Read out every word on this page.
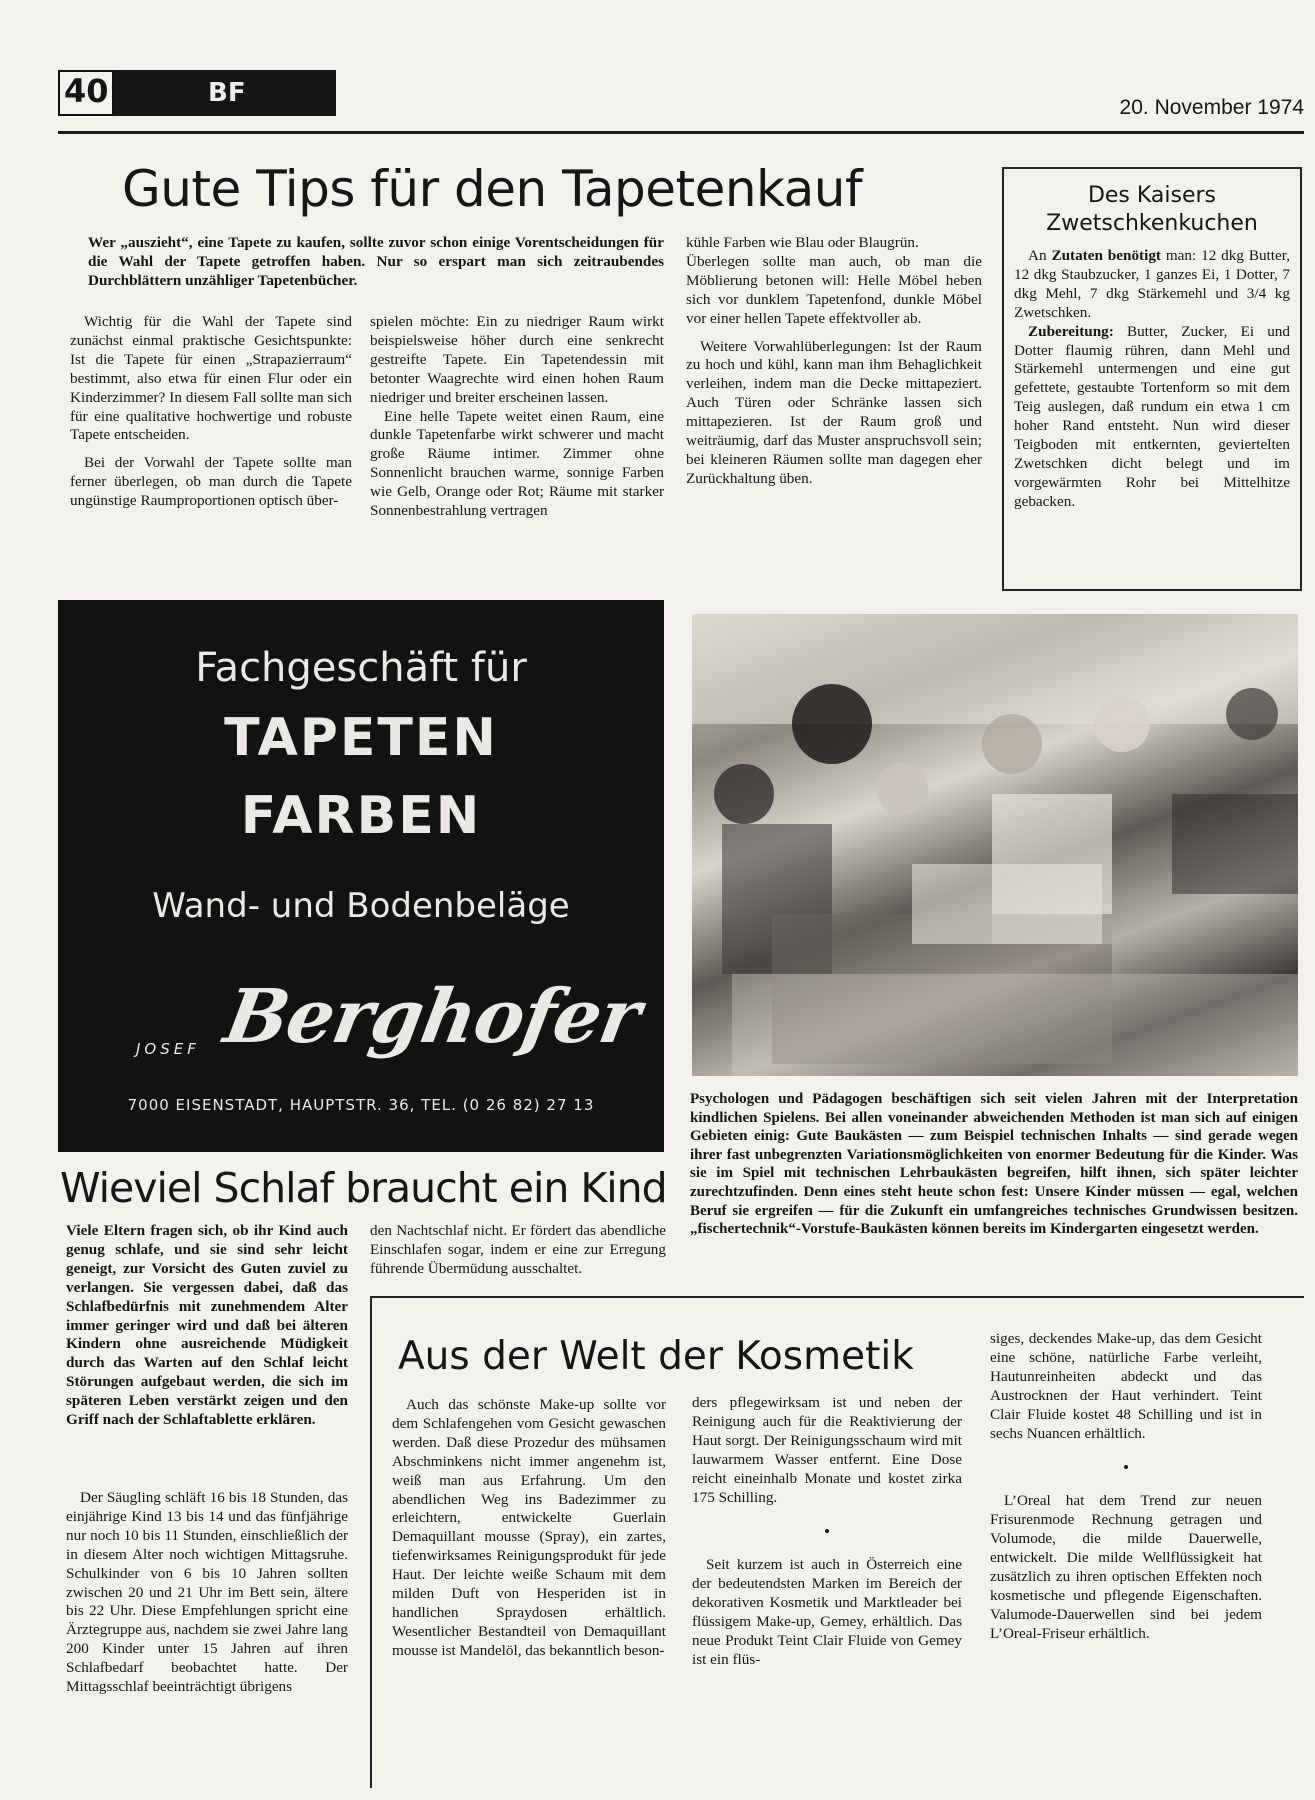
40	BF	20. November 1974
Gute Tips für den Tapetenkauf
Wer „auszieht“, eine Tapete zu kaufen, sollte zuvor schon einige Vorentscheidungen für die Wahl der Tapete getroffen haben. Nur so erspart man sich zeitraubendes Durchblättern unzähliger Tapetenbücher.

Wichtig für die Wahl der Tapete sind zunächst einmal praktische Gesichtspunkte: Ist die Tapete für einen „Strapazierraum“ bestimmt, also etwa für einen Flur oder ein Kinderzimmer? In diesem Fall sollte man sich für eine qualitative hochwertige und robuste Tapete entscheiden.

Bei der Vorwahl der Tapete sollte man ferner überlegen, ob man durch die Tapete ungünstige Raumproportionen optisch über-

spielen möchte: Ein zu niedriger Raum wirkt beispielsweise höher durch eine senkrecht gestreifte Tapete. Ein Tapetendessin mit betonter Waagrechte wird einen hohen Raum niedriger und breiter erscheinen lassen.

Eine helle Tapete weitet einen Raum, eine dunkle Tapetenfarbe wirkt schwerer und macht große Räume intimer. Zimmer ohne Sonnenlicht brauchen warme, sonnige Farben wie Gelb, Orange oder Rot; Räume mit starker Sonnenbestrahlung vertragen

kühle Farben wie Blau oder Blaugrün.

Überlegen sollte man auch, ob man die Möblierung betonen will: Helle Möbel heben sich vor dunklem Tapetenfond, dunkle Möbel vor einer hellen Tapete effektvoller ab.

Weitere Vorwahlüberlegungen: Ist der Raum zu hoch und kühl, kann man ihm Behaglichkeit verleihen, indem man die Decke mittapeziert. Auch Türen oder Schränke lassen sich mittapezieren. Ist der Raum groß und weiträumig, darf das Muster anspruchsvoll sein; bei kleineren Räumen sollte man dagegen eher Zurückhaltung üben.

Des Kaisers
Zwetschkenkuchen

An Zutaten benötigt man: 12 dkg Butter, 12 dkg Staubzucker, 1 ganzes Ei, 1 Dotter, 7 dkg Mehl, 7 dkg Stärkemehl und 3/4 kg Zwetschken.

Zubereitung: Butter, Zucker, Ei und Dotter flaumig rühren, dann Mehl und Stärkemehl untermengen und eine gut gefettete, gestaubte Tortenform so mit dem Teig auslegen, daß rundum ein etwa 1 cm hoher Rand entsteht. Nun wird dieser Teigboden mit entkernten, geviertelten Zwetschken dicht belegt und im vorgewärmten Rohr bei Mittelhitze gebacken.

Fachgeschäft für
TAPETEN
FARBEN
Wand- und Bodenbeläge
JOSEF Berghofer
7000 EISENSTADT, HAUPTSTR. 36, TEL. (0 26 82) 27 13	Psychologen und Pädagogen beschäftigen sich seit vielen Jahren mit der Interpretation kindlichen Spielens. Bei allen voneinander abweichenden Methoden ist man sich auf einigen Gebieten einig: Gute Baukästen — zum Beispiel technischen Inhalts — sind gerade wegen ihrer fast unbegrenzten Variationsmöglichkeiten von enormer Bedeutung für die Kinder. Was sie im Spiel mit technischen Lehrbaukästen begreifen, hilft ihnen, sich später leichter zurechtzufinden. Denn eines steht heute schon fest: Unsere Kinder müssen — egal, welchen Beruf sie ergreifen — für die Zukunft ein umfangreiches technisches Grundwissen besitzen. „fischertechnik“-Vorstufe-Baukästen können bereits im Kindergarten eingesetzt werden.
Wieviel Schlaf braucht ein Kind
Viele Eltern fragen sich, ob ihr Kind auch genug schlafe, und sie sind sehr leicht geneigt, zur Vorsicht des Guten zuviel zu verlangen. Sie vergessen dabei, daß das Schlafbedürfnis mit zunehmendem Alter immer geringer wird und daß bei älteren Kindern ohne ausreichende Müdigkeit durch das Warten auf den Schlaf leicht Störungen aufgebaut werden, die sich im späteren Leben verstärkt zeigen und den Griff nach der Schlaftablette erklären.
Der Säugling schläft 16 bis 18 Stunden, das einjährige Kind 13 bis 14 und das fünfjährige nur noch 10 bis 11 Stunden, einschließlich der in diesem Alter noch wichtigen Mittagsruhe. Schulkinder von 6 bis 10 Jahren sollten zwischen 20 und 21 Uhr im Bett sein, ältere bis 22 Uhr. Diese Empfehlungen spricht eine Ärztegruppe aus, nachdem sie zwei Jahre lang 200 Kinder unter 15 Jahren auf ihren Schlafbedarf beobachtet hatte. Der Mittagsschlaf beeinträchtigt übrigens
den Nachtschlaf nicht. Er fördert das abendliche Einschlafen sogar, indem er eine zur Erregung führende Übermüdung ausschaltet.
Aus der Welt der Kosmetik
Auch das schönste Make-up sollte vor dem Schlafengehen vom Gesicht gewaschen werden. Daß diese Prozedur des mühsamen Abschminkens nicht immer angenehm ist, weiß man aus Erfahrung. Um den abendlichen Weg ins Badezimmer zu erleichtern, entwickelte Guerlain Demaquillant mousse (Spray), ein zartes, tiefenwirksames Reinigungsprodukt für jede Haut. Der leichte weiße Schaum mit dem milden Duft von Hesperiden ist in handlichen Spraydosen erhältlich. Wesentlicher Bestandteil von Demaquillant mousse ist Mandelöl, das bekanntlich beson-

ders pflegewirksam ist und neben der Reinigung auch für die Reaktivierung der Haut sorgt. Der Reinigungsschaum wird mit lauwarmem Wasser entfernt. Eine Dose reicht eineinhalb Monate und kostet zirka 175 Schilling.

•

Seit kurzem ist auch in Österreich eine der bedeutendsten Marken im Bereich der dekorativen Kosmetik und Marktleader bei flüssigem Make-up, Gemey, erhältlich. Das neue Produkt Teint Clair Fluide von Gemey ist ein flüs-

siges, deckendes Make-up, das dem Gesicht eine schöne, natürliche Farbe verleiht, Hautunreinheiten abdeckt und das Austrocknen der Haut verhindert. Teint Clair Fluide kostet 48 Schilling und ist in sechs Nuancen erhältlich.

•

L’Oreal hat dem Trend zur neuen Frisurenmode Rechnung getragen und Volumode, die milde Dauerwelle, entwickelt. Die milde Wellflüssigkeit hat zusätzlich zu ihren optischen Effekten noch kosmetische und pflegende Eigenschaften. Valumode-Dauerwellen sind bei jedem L’Oreal-Friseur erhältlich.
